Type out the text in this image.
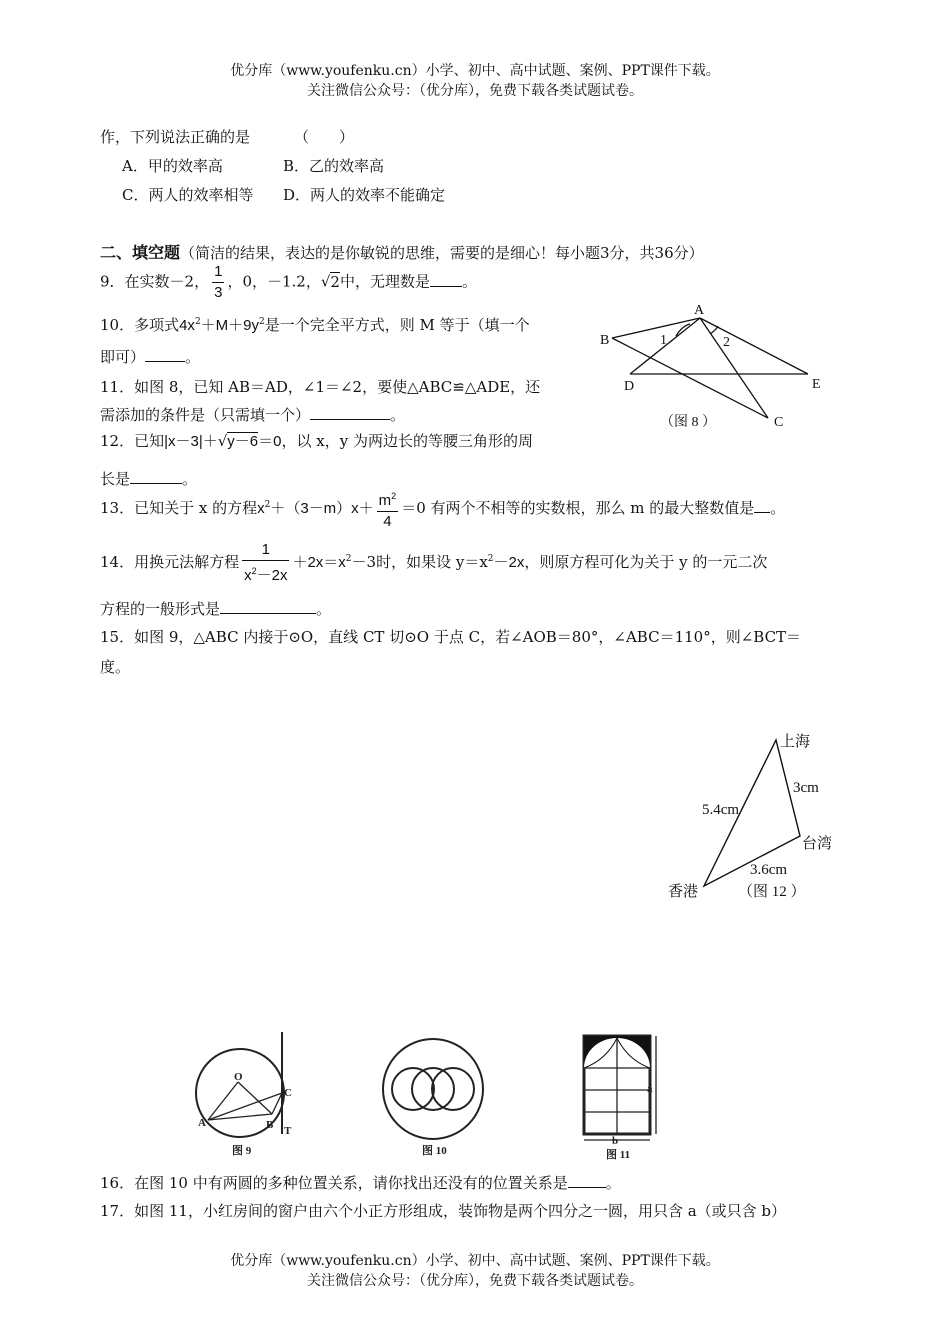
优分库（www.youfenku.cn）小学、初中、高中试题、案例、PPT课件下载。
关注微信公众号：（优分库），免费下载各类试题试卷。
作，下列说法正确的是	（　　）
A．甲的效率高	B．乙的效率高
C．两人的效率相等 D．两人的效率不能确定
二、填空题（简洁的结果，表达的是你敏锐的思维，需要的是细心！每小题3分，共36分）
9．在实数－2， $\frac{1}{3}$ ，0，－1.2，√2中，无理数是 。
10．多项式$4x^2+M+9y^2$是一个完全平方式，则 M 等于（填一个
即可）	。
11．如图 8，已知 AB＝AD，∠1＝∠2，要使△ABC≌△ADE，还
需添加的条件是（只需填一个）	。
12．已知|x－3|＋√y－6＝0，以 x，y 为两边长的等腰三角形的周
长是	。
13．已知关于 x 的方程$x^2+(3-m)x+ \frac{m^2}{4} =0$ 有两个不相等的实数根，那么 m 的最大整数值是 。
14．用换元法解方程 $\frac{1}{x^2-2x} +2x=x^2-3$时，如果设 $y=x^2-2x$，则原方程可化为关于 y 的一元二次
方程的一般形式是	。
15．如图 9，△ABC 内接于⊙O，直线 CT 切⊙O 于点 C，若∠AOB＝80°，∠ABC＝110°，则∠BCT＝
度。
A
B
D	E
C
1	2
（图 8 ）
上海
3cm
5.4cm
台湾
3.6cm
香港	（图 12 ）
O
A	B
C
T
图 9	图 10
a
b
图 11
16．在图 10 中有两圆的多种位置关系，请你找出还没有的位置关系是	。
17．如图 11，小红房间的窗户由六个小正方形组成，装饰物是两个四分之一圆，用只含 a（或只含 b）
优分库（www.youfenku.cn）小学、初中、高中试题、案例、PPT课件下载。
关注微信公众号：（优分库），免费下载各类试题试卷。
